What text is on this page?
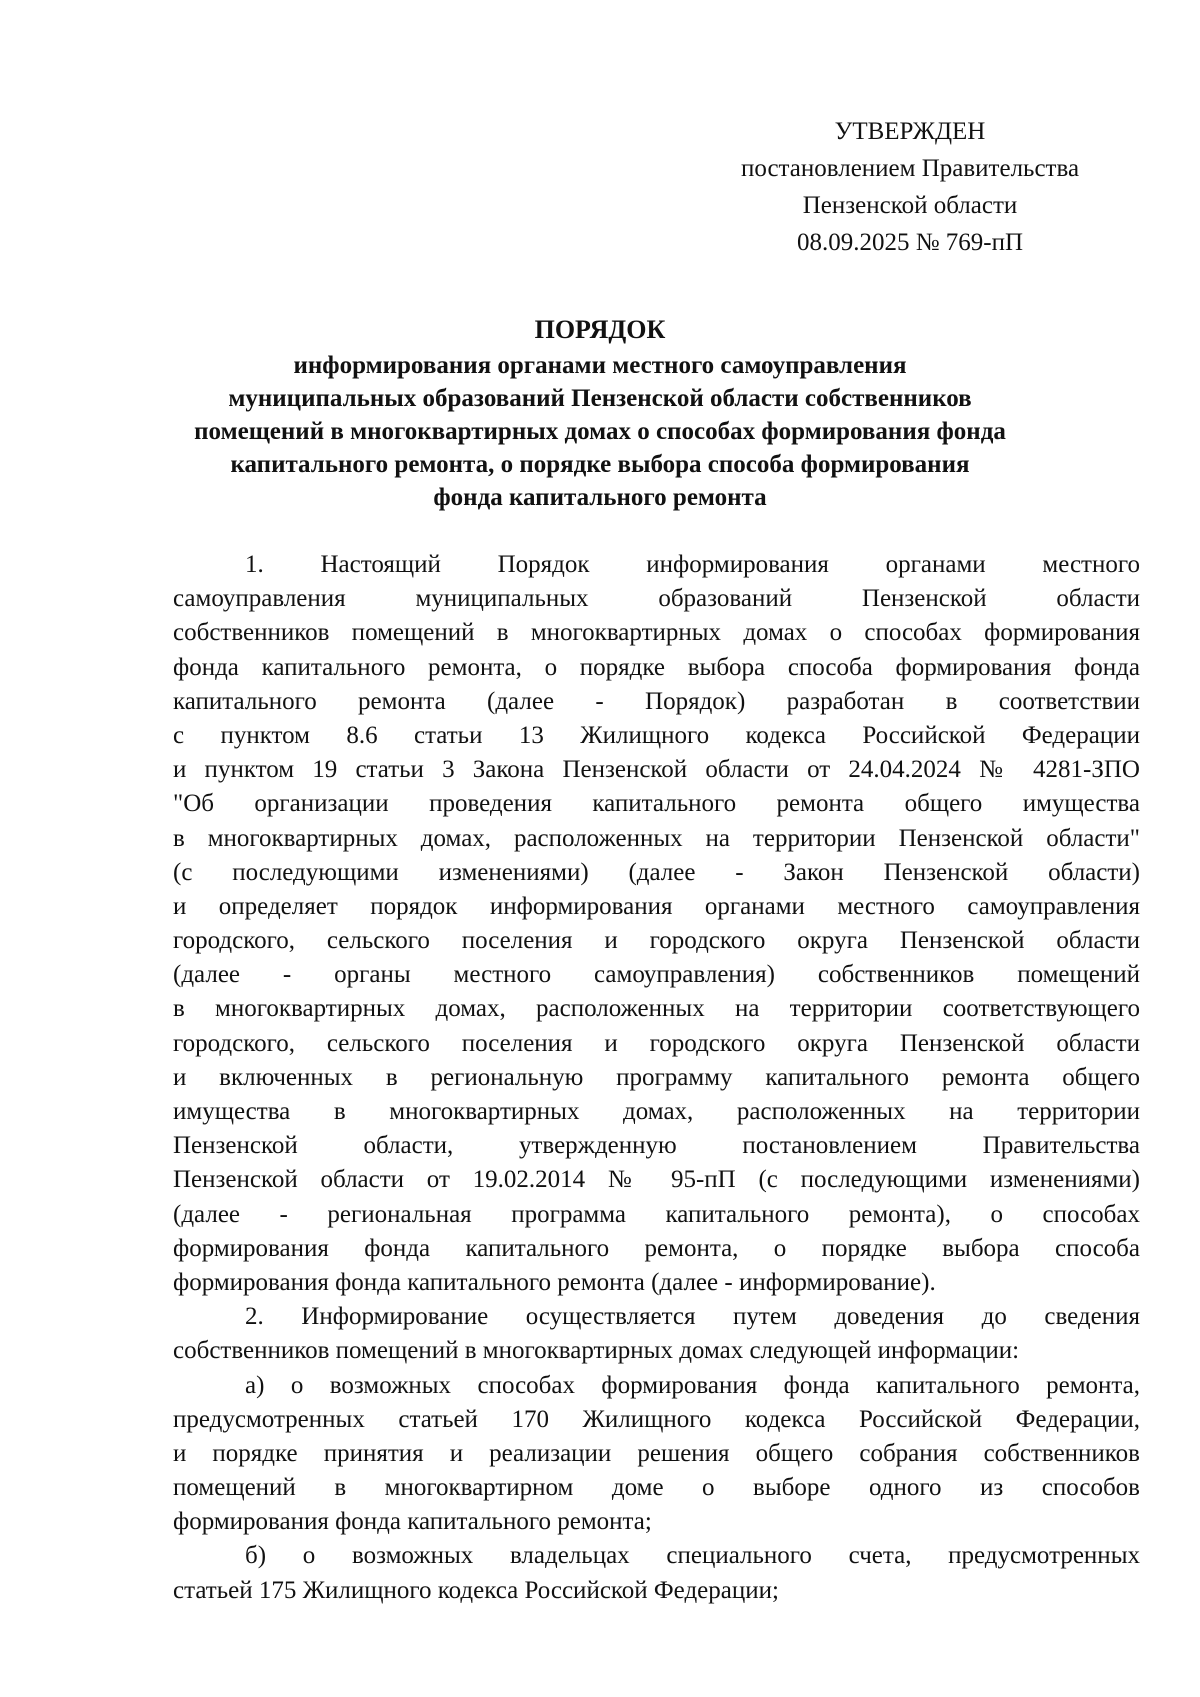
УТВЕРЖДЕН
постановлением Правительства
Пензенской области
08.09.2025 № 769-пП
ПОРЯДОК
информирования органами местного самоуправления
муниципальных образований Пензенской области собственников
помещений в многоквартирных домах о способах формирования фонда
капитального ремонта, о порядке выбора способа формирования
фонда капитального ремонта
1. Настоящий Порядок информирования органами местного
самоуправления муниципальных образований Пензенской области
собственников помещений в многоквартирных домах о способах формирования
фонда капитального ремонта, о порядке выбора способа формирования фонда
капитального ремонта (далее - Порядок) разработан в соответствии
с пунктом 8.6 статьи 13 Жилищного кодекса Российской Федерации
и пунктом 19 статьи 3 Закона Пензенской области от 24.04.2024 № 4281-ЗПО
"Об организации проведения капитального ремонта общего имущества
в многоквартирных домах, расположенных на территории Пензенской области"
(с последующими изменениями) (далее - Закон Пензенской области)
и определяет порядок информирования органами местного самоуправления
городского, сельского поселения и городского округа Пензенской области
(далее - органы местного самоуправления) собственников помещений
в многоквартирных домах, расположенных на территории соответствующего
городского, сельского поселения и городского округа Пензенской области
и включенных в региональную программу капитального ремонта общего
имущества в многоквартирных домах, расположенных на территории
Пензенской области, утвержденную постановлением Правительства
Пензенской области от 19.02.2014 № 95-пП (с последующими изменениями)
(далее - региональная программа капитального ремонта), о способах
формирования фонда капитального ремонта, о порядке выбора способа
формирования фонда капитального ремонта (далее - информирование).
2. Информирование осуществляется путем доведения до сведения
собственников помещений в многоквартирных домах следующей информации:
а) о возможных способах формирования фонда капитального ремонта,
предусмотренных статьей 170 Жилищного кодекса Российской Федерации,
и порядке принятия и реализации решения общего собрания собственников
помещений в многоквартирном доме о выборе одного из способов
формирования фонда капитального ремонта;
б) о возможных владельцах специального счета, предусмотренных
статьей 175 Жилищного кодекса Российской Федерации;
